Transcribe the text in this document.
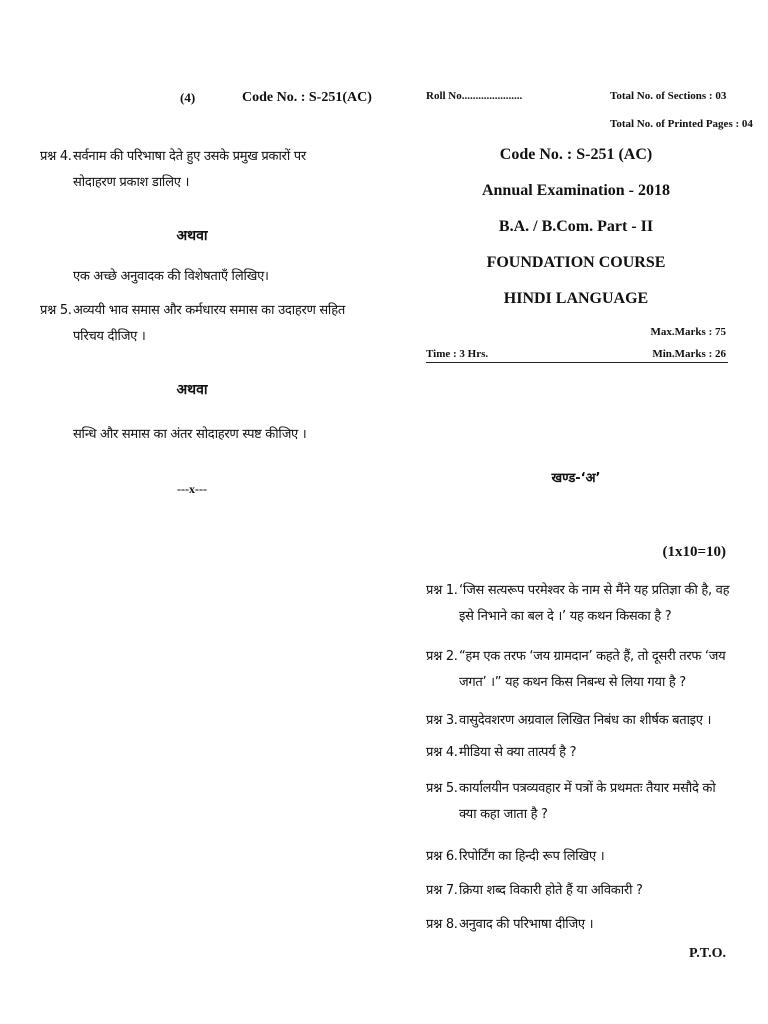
(4)	Code No. : S-251(AC)
प्रश्न 4. सर्वनाम की परिभाषा देते हुए उसके प्रमुख प्रकारों पर सोदाहरण प्रकाश डालिए ।
अथवा
एक अच्छे अनुवादक की विशेषताएँ लिखिए।
प्रश्न 5. अव्ययी भाव समास और कर्मधारय समास का उदाहरण सहित परिचय दीजिए ।
अथवा
सन्धि और समास का अंतर सोदाहरण स्पष्ट कीजिए ।
---x---
Roll No......................	Total No. of Sections : 03
Total No. of Printed Pages : 04
Code No. : S-251 (AC)
Annual Examination - 2018
B.A. / B.Com. Part - II
FOUNDATION COURSE
HINDI LANGUAGE
Max.Marks : 75
Time : 3 Hrs.	Min.Marks : 26
खण्ड-‘अ’
(1x10=10)
प्रश्न 1. ‘जिस सत्यरूप परमेश्वर के नाम से मैंने यह प्रतिज्ञा की है, वह इसे निभाने का बल दे ।’ यह कथन किसका है ?
प्रश्न 2. “हम एक तरफ ‘जय ग्रामदान’ कहते हैं, तो दूसरी तरफ ‘जय जगत’ ।” यह कथन किस निबन्ध से लिया गया है ?
प्रश्न 3. वासुदेवशरण अग्रवाल लिखित निबंध का शीर्षक बताइए ।
प्रश्न 4. मीडिया से क्या तात्पर्य है ?
प्रश्न 5. कार्यालयीन पत्रव्यवहार में पत्रों के प्रथमतः तैयार मसौदे को क्या कहा जाता है ?
प्रश्न 6. रिपोर्टिंग का हिन्दी रूप लिखिए ।
प्रश्न 7. क्रिया शब्द विकारी होते हैं या अविकारी ?
प्रश्न 8. अनुवाद की परिभाषा दीजिए ।
P.T.O.
